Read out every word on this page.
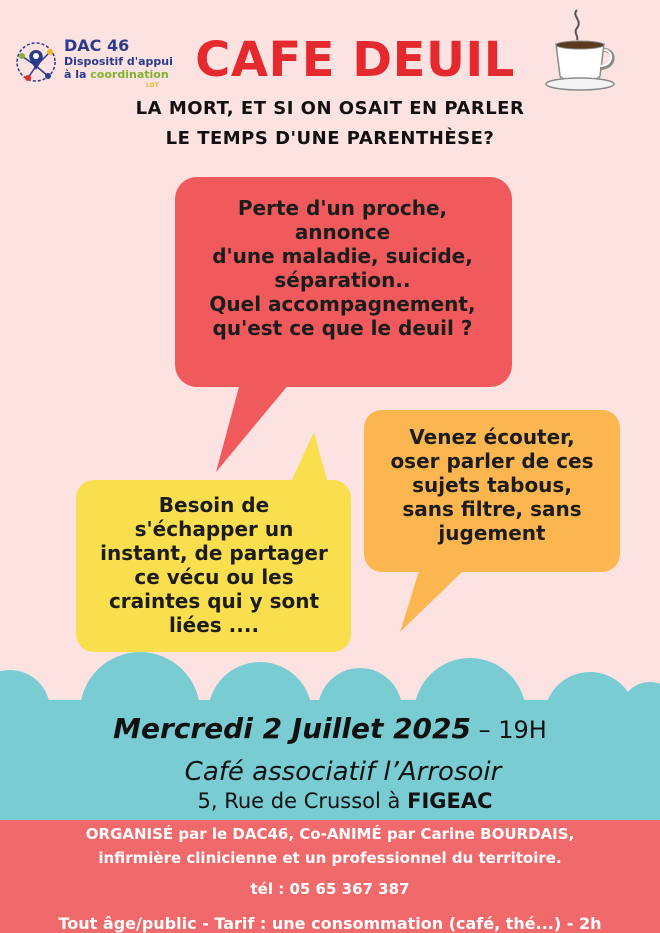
DAC 46
Dispositif d'appui
à la coordination
LOT CAFE DEUIL
LA MORT, ET SI ON OSAIT EN PARLER
LE TEMPS D'UNE PARENTHÈSE?
Perte d'un proche,
annonce
d'une maladie, suicide,
séparation..
Quel accompagnement,
qu'est ce que le deuil ?
Venez écouter,
oser parler de ces
sujets tabous,
sans filtre, sans
jugement
Besoin de
s'échapper un
instant, de partager
ce vécu ou les
craintes qui y sont
liées ....
Mercredi 2 Juillet 2025 – 19H
Café associatif l’Arrosoir
5, Rue de Crussol à FIGEAC
ORGANISÉ par le DAC46, Co-ANIMÉ par Carine BOURDAIS,
infirmière clinicienne et un professionnel du territoire.
tél : 05 65 367 387
Tout âge/public - Tarif : une consommation (café, thé...) - 2h
